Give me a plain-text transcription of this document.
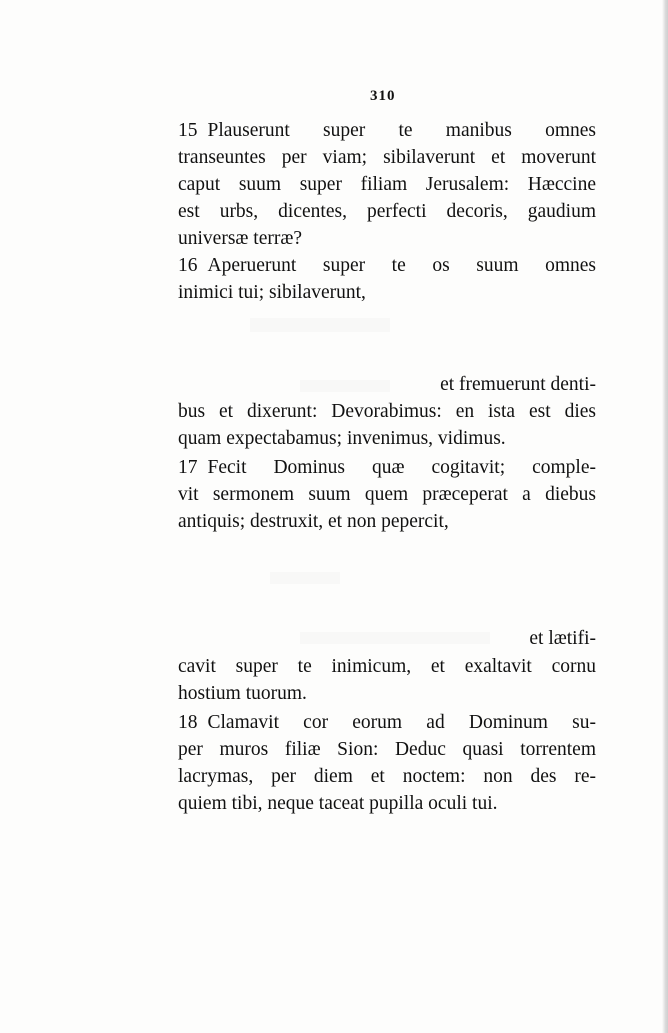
310
15 Plauserunt super te manibus omnes
transeuntes per viam; sibilaverunt et moverunt
caput suum super filiam Jerusalem: Hæccine
est urbs, dicentes, perfecti decoris, gaudium
universæ terræ?
16 Aperuerunt super te os suum omnes
inimici tui; sibilaverunt,
et fremuerunt denti-
bus et dixerunt: Devorabimus: en ista est dies
quam expectabamus; invenimus, vidimus.
17 Fecit Dominus quæ cogitavit; comple-
vit sermonem suum quem præceperat a diebus
antiquis; destruxit, et non pepercit,
et lætifi-
cavit super te inimicum, et exaltavit cornu
hostium tuorum.
18 Clamavit cor eorum ad Dominum su-
per muros filiæ Sion: Deduc quasi torrentem
lacrymas, per diem et noctem: non des re-
quiem tibi, neque taceat pupilla oculi tui.
